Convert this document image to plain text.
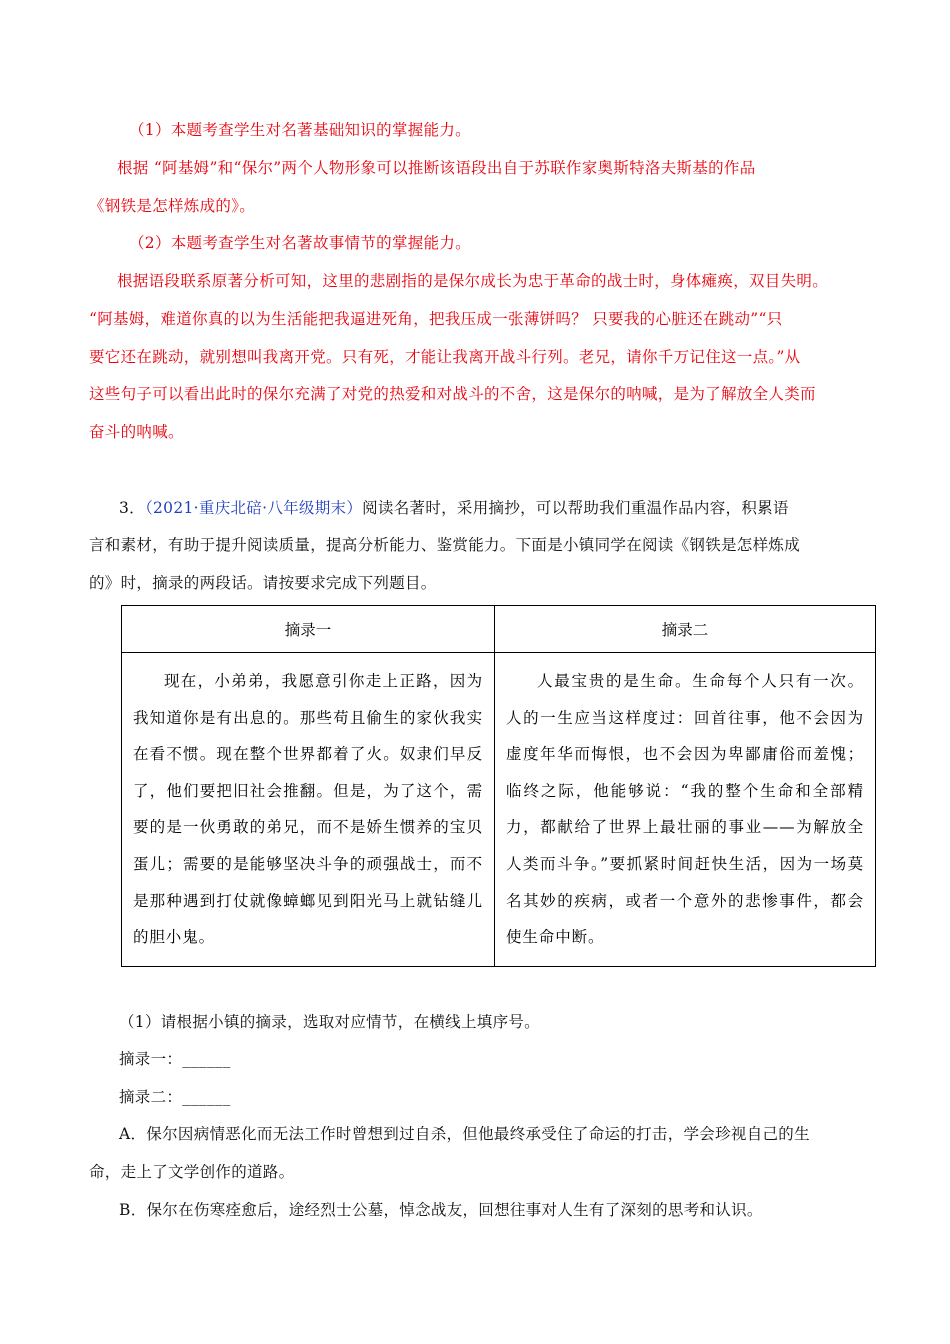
（1）本题考查学生对名著基础知识的掌握能力。
根据 “阿基姆”和“保尔”两个人物形象可以推断该语段出自于苏联作家奥斯特洛夫斯基的作品
《钢铁是怎样炼成的》。
（2）本题考查学生对名著故事情节的掌握能力。
根据语段联系原著分析可知，这里的悲剧指的是保尔成长为忠于革命的战士时，身体瘫痪，双目失明。
“阿基姆，难道你真的以为生活能把我逼进死角，把我压成一张薄饼吗？ 只要我的心脏还在跳动”“只
要它还在跳动，就别想叫我离开党。只有死，才能让我离开战斗行列。老兄，请你千万记住这一点。”从
这些句子可以看出此时的保尔充满了对党的热爱和对战斗的不舍，这是保尔的呐喊，是为了解放全人类而
奋斗的呐喊。
3．（2021·重庆北碚·八年级期末）阅读名著时，采用摘抄，可以帮助我们重温作品内容，积累语
言和素材，有助于提升阅读质量，提高分析能力、鉴赏能力。下面是小镇同学在阅读《钢铁是怎样炼成
的》时，摘录的两段话。请按要求完成下列题目。
摘录一	摘录二

现在，小弟弟，我愿意引你走上正路，因为我知道你是有出息的。那些苟且偷生的家伙我实在看不惯。现在整个世界都着了火。奴隶们早反了，他们要把旧社会推翻。但是，为了这个，需要的是一伙勇敢的弟兄，而不是娇生惯养的宝贝蛋儿；需要的是能够坚决斗争的顽强战士，而不是那种遇到打仗就像蟑螂见到阳光马上就钻缝儿的胆小鬼。	人最宝贵的是生命。生命每个人只有一次。人的一生应当这样度过：回首往事，他不会因为虚度年华而悔恨，也不会因为卑鄙庸俗而羞愧；临终之际，他能够说：“我的整个生命和全部精力，都献给了世界上最壮丽的事业——为解放全人类而斗争。”要抓紧时间赶快生活，因为一场莫名其妙的疾病，或者一个意外的悲惨事件，都会使生命中断。
（1）请根据小镇的摘录，选取对应情节，在横线上填序号。
摘录一：______
摘录二：______
A．保尔因病情恶化而无法工作时曾想到过自杀，但他最终承受住了命运的打击，学会珍视自己的生
命，走上了文学创作的道路。
B．保尔在伤寒痊愈后，途经烈士公墓，悼念战友，回想往事对人生有了深刻的思考和认识。
